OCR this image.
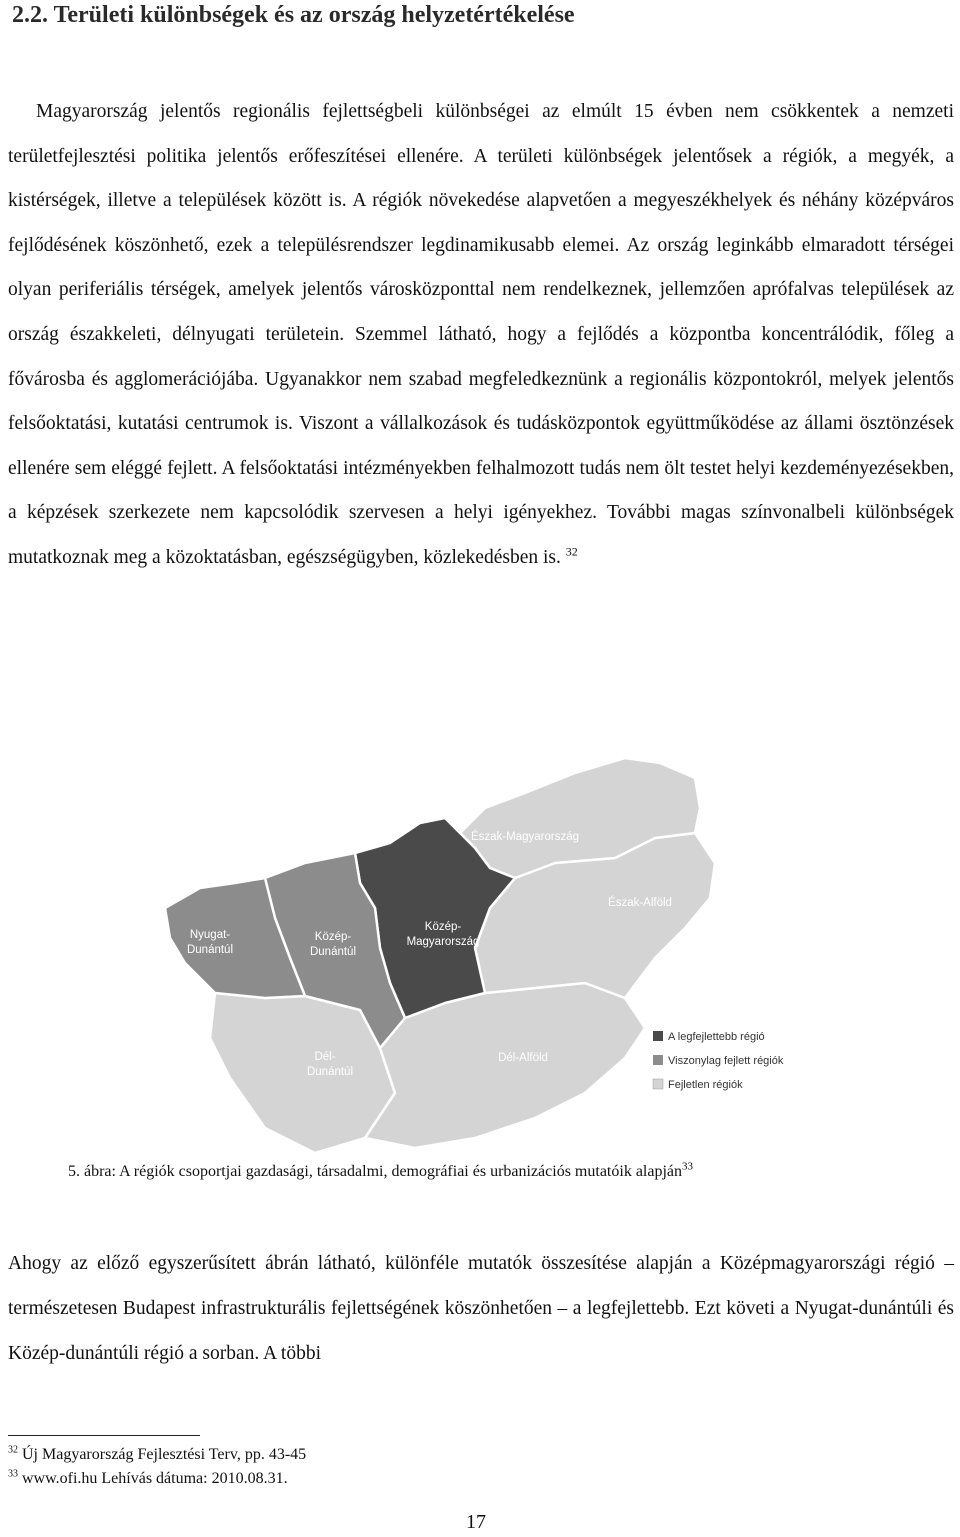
2.2. Területi különbségek és az ország helyzetértékelése
Magyarország jelentős regionális fejlettségbeli különbségei az elmúlt 15 évben nem csökkentek a nemzeti területfejlesztési politika jelentős erőfeszítései ellenére. A területi különbségek jelentősek a régiók, a megyék, a kistérségek, illetve a települések között is. A régiók növekedése alapvetően a megyeszékhelyek és néhány középváros fejlődésének köszönhető, ezek a településrendszer legdinamikusabb elemei. Az ország leginkább elmaradott térségei olyan periferiális térségek, amelyek jelentős városközponttal nem rendelkeznek, jellemzően aprófalvas települések az ország északkeleti, délnyugati területein. Szemmel látható, hogy a fejlődés a központba koncentrálódik, főleg a fővárosba és agglomerációjába. Ugyanakkor nem szabad megfeledkeznünk a regionális központokról, melyek jelentős felsőoktatási, kutatási centrumok is. Viszont a vállalkozások és tudásközpontok együttműködése az állami ösztönzések ellenére sem eléggé fejlett. A felsőoktatási intézményekben felhalmozott tudás nem ölt testet helyi kezdeményezésekben, a képzések szerkezete nem kapcsolódik szervesen a helyi igényekhez. További magas színvonalbeli különbségek mutatkoznak meg a közoktatásban, egészségügyben, közlekedésben is. $^{32}$
Észak-Magyarország
Észak-Alföld
Közép-
Magyarország
Nyugat-
Dunántúl
Közép-
Dunántúl
Dél-
Dunántúl
Dél-Alföld
A legfejlettebb régió
Viszonylag fejlett régiók
Fejletlen régiók
5. ábra: A régiók csoportjai gazdasági, társadalmi, demográfiai és urbanizációs mutatóik alapján$^{33}$
Ahogy az előző egyszerűsített ábrán látható, különféle mutatók összesítése alapján a Középmagyarországi régió – természetesen Budapest infrastrukturális fejlettségének köszönhetően – a legfejlettebb. Ezt követi a Nyugat-dunántúli és Közép-dunántúli régió a sorban. A többi
$^{32}$ Új Magyarország Fejlesztési Terv, pp. 43-45
$^{33}$ www.ofi.hu Lehívás dátuma: 2010.08.31.
17
